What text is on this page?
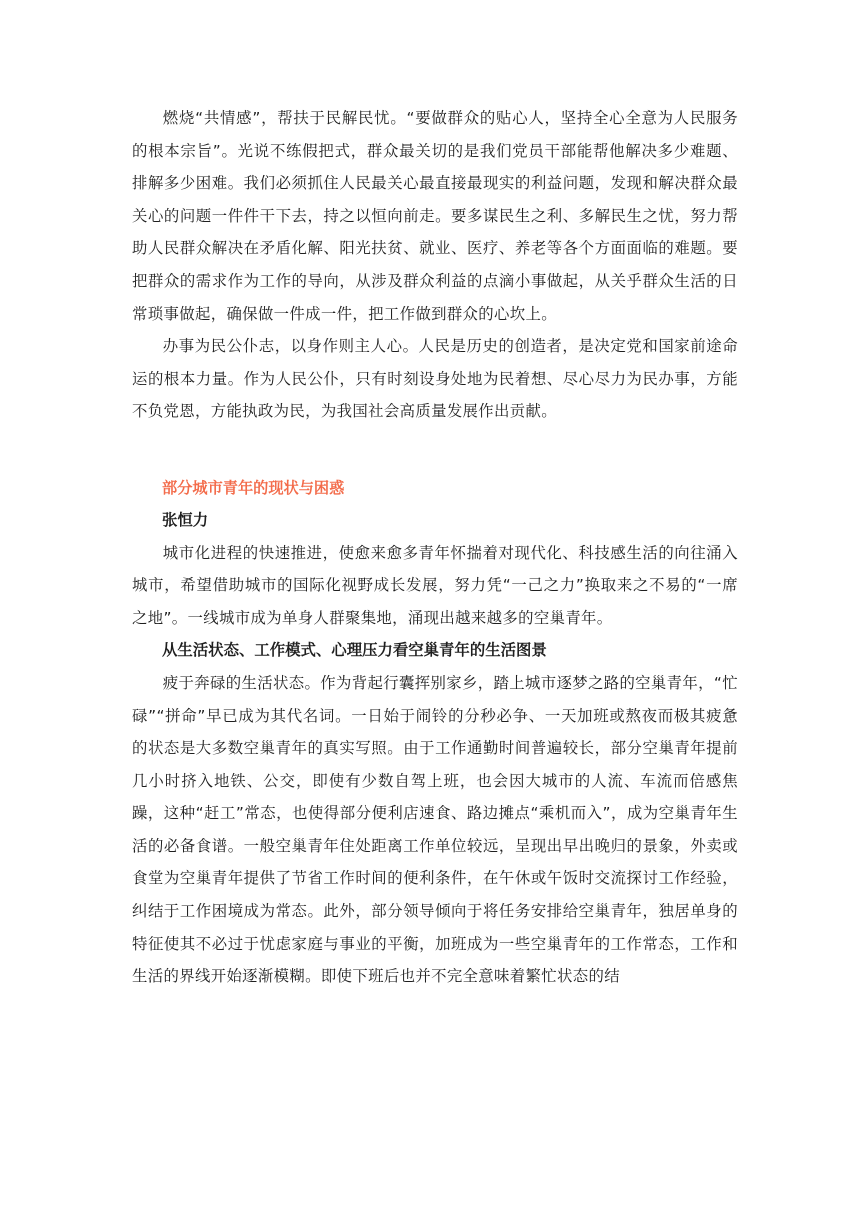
燃烧“共情感”，帮扶于民解民忧。“要做群众的贴心人，坚持全心全意为人民服务的根本宗旨”。光说不练假把式，群众最关切的是我们党员干部能帮他解决多少难题、排解多少困难。我们必须抓住人民最关心最直接最现实的利益问题，发现和解决群众最关心的问题一件件干下去，持之以恒向前走。要多谋民生之利、多解民生之忧，努力帮助人民群众解决在矛盾化解、阳光扶贫、就业、医疗、养老等各个方面面临的难题。要把群众的需求作为工作的导向，从涉及群众利益的点滴小事做起，从关乎群众生活的日常琐事做起，确保做一件成一件，把工作做到群众的心坎上。

办事为民公仆志，以身作则主人心。人民是历史的创造者，是决定党和国家前途命运的根本力量。作为人民公仆，只有时刻设身处地为民着想、尽心尽力为民办事，方能不负党恩，方能执政为民，为我国社会高质量发展作出贡献。

部分城市青年的现状与困惑

张恒力

城市化进程的快速推进，使愈来愈多青年怀揣着对现代化、科技感生活的向往涌入城市，希望借助城市的国际化视野成长发展，努力凭“一己之力”换取来之不易的“一席之地”。一线城市成为单身人群聚集地，涌现出越来越多的空巢青年。

从生活状态、工作模式、心理压力看空巢青年的生活图景

疲于奔碌的生活状态。作为背起行囊挥别家乡，踏上城市逐梦之路的空巢青年，“忙碌”“拼命”早已成为其代名词。一日始于闹铃的分秒必争、一天加班或熬夜而极其疲惫的状态是大多数空巢青年的真实写照。由于工作通勤时间普遍较长，部分空巢青年提前几小时挤入地铁、公交，即使有少数自驾上班，也会因大城市的人流、车流而倍感焦躁，这种“赶工”常态，也使得部分便利店速食、路边摊点“乘机而入”，成为空巢青年生活的必备食谱。一般空巢青年住处距离工作单位较远，呈现出早出晚归的景象，外卖或食堂为空巢青年提供了节省工作时间的便利条件，在午休或午饭时交流探讨工作经验，纠结于工作困境成为常态。此外，部分领导倾向于将任务安排给空巢青年，独居单身的特征使其不必过于忧虑家庭与事业的平衡，加班成为一些空巢青年的工作常态，工作和生活的界线开始逐渐模糊。即使下班后也并不完全意味着繁忙状态的结
